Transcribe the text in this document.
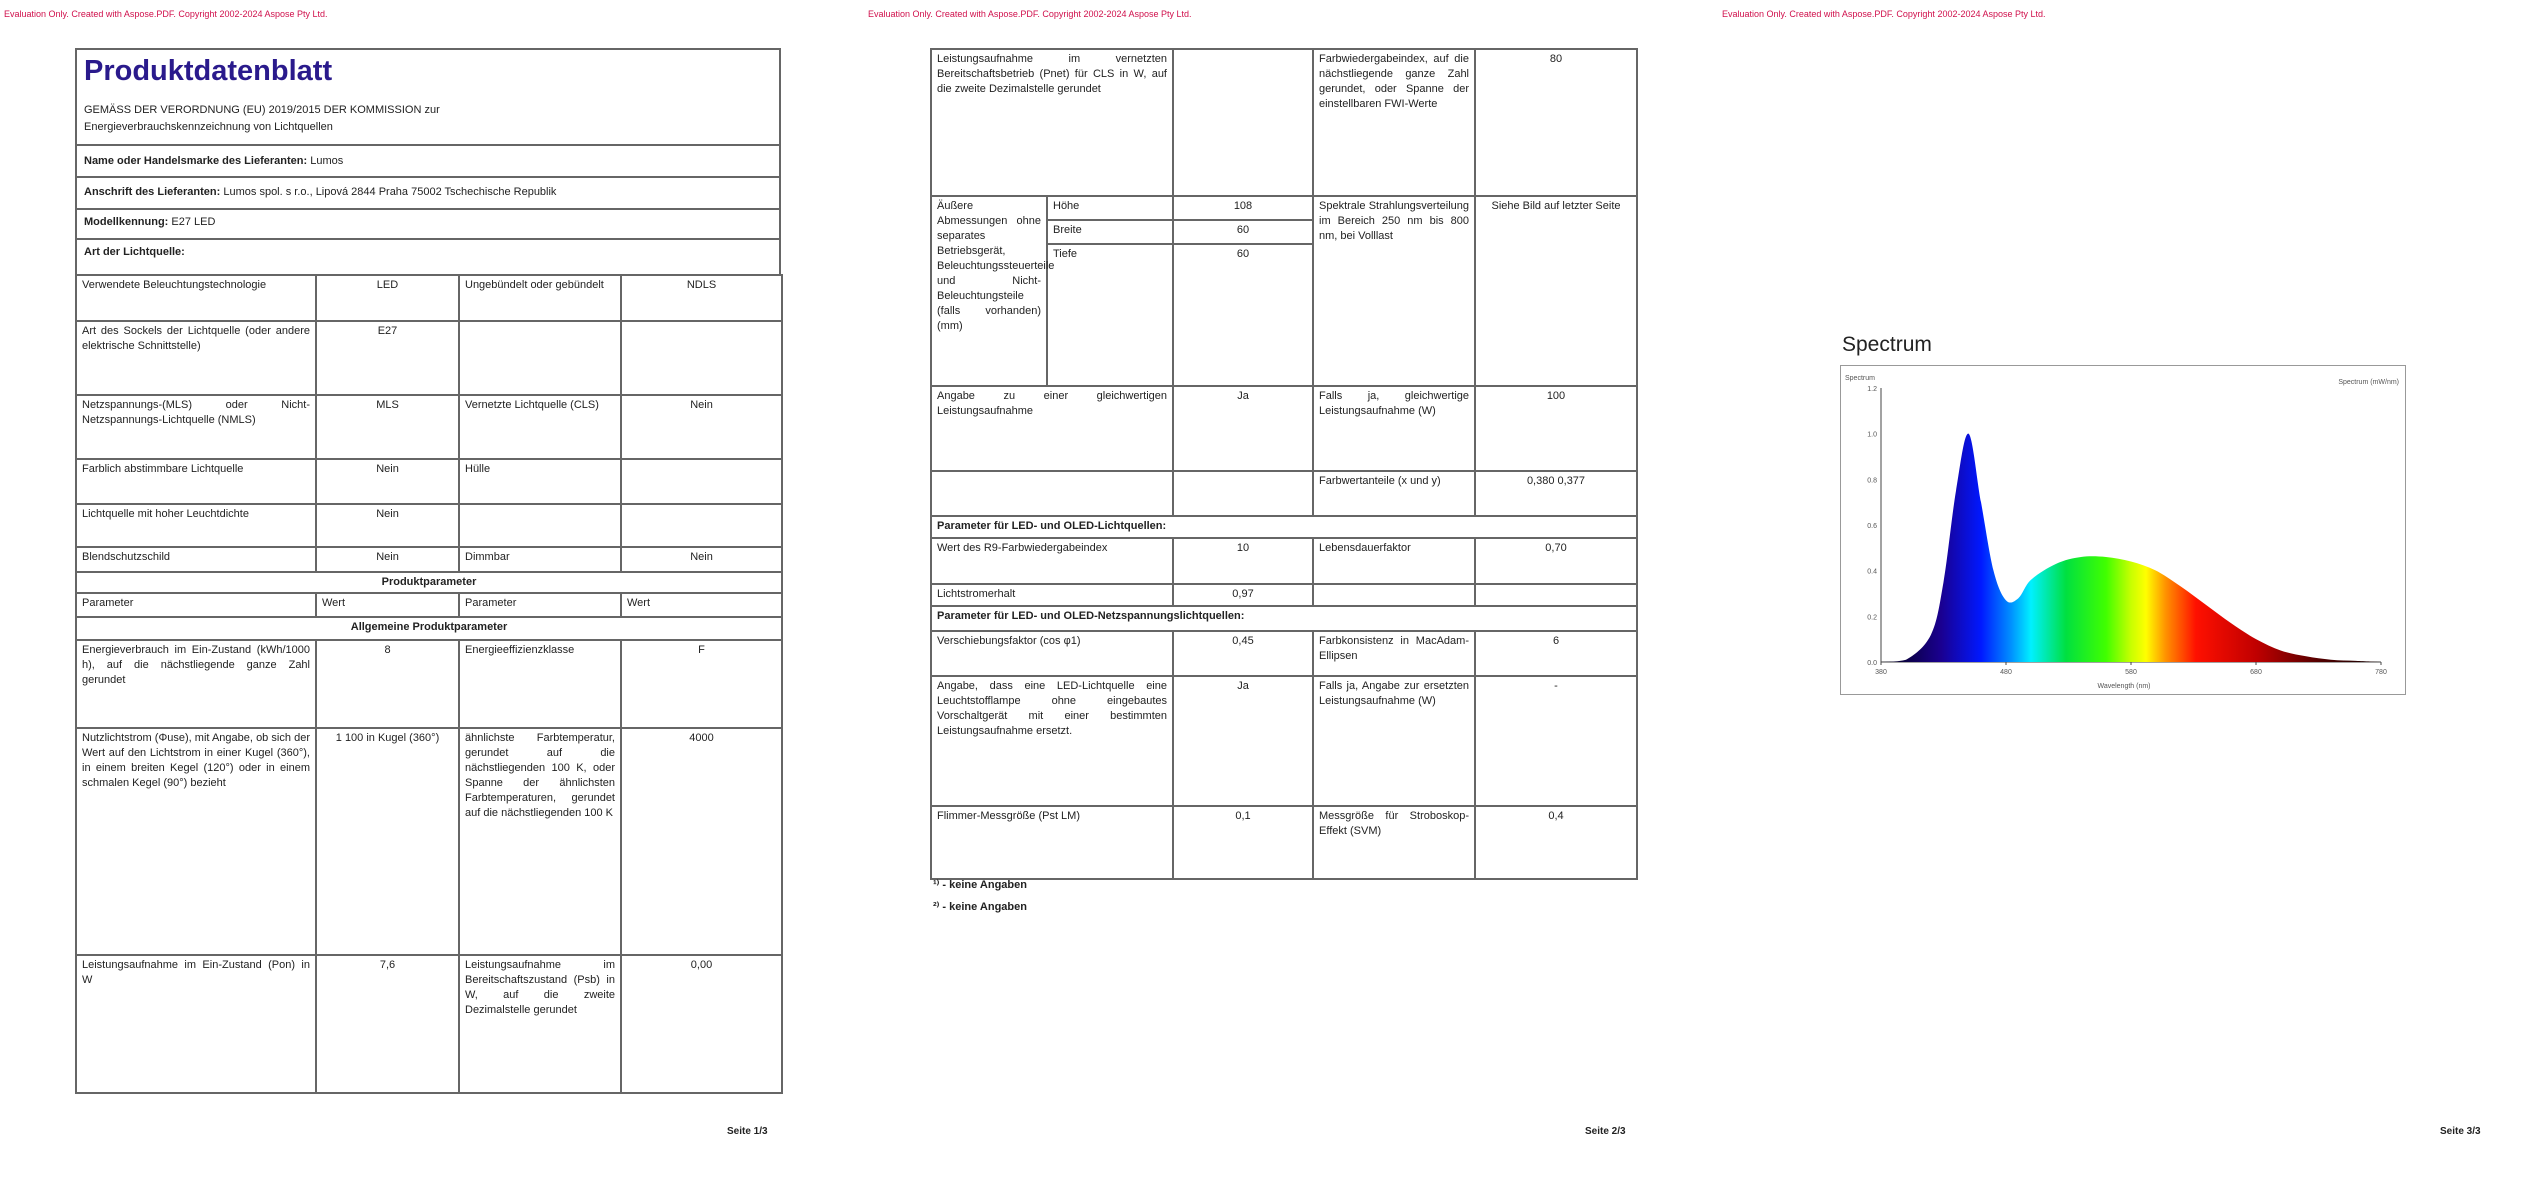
Evaluation Only. Created with Aspose.PDF. Copyright 2002-2024 Aspose Pty Ltd.	Evaluation Only. Created with Aspose.PDF. Copyright 2002-2024 Aspose Pty Ltd.	Evaluation Only. Created with Aspose.PDF. Copyright 2002-2024 Aspose Pty Ltd.
Produktdatenblatt
GEMÄSS DER VERORDNUNG (EU) 2019/2015 DER KOMMISSION zur
Energieverbrauchskennzeichnung von Lichtquellen
Name oder Handelsmarke des Lieferanten: Lumos
Anschrift des Lieferanten: Lumos spol. s r.o., Lipová 2844 Praha 75002 Tschechische Republik
Modellkennung: E27 LED
Art der Lichtquelle:
Verwendete Beleuchtungstechnologie	LED	Ungebündelt oder gebündelt	NDLS
Art des Sockels der Lichtquelle (oder andere elektrische Schnittstelle)	E27		
Netzspannungs-(MLS) oder Nicht-Netzspannungs-Lichtquelle (NMLS)	MLS	Vernetzte Lichtquelle (CLS)	Nein
Farblich abstimmbare Lichtquelle	Nein	Hülle	
Lichtquelle mit hoher Leuchtdichte	Nein		
Blendschutzschild	Nein	Dimmbar	Nein
Produktparameter			
Parameter	Wert	Parameter	Wert
Allgemeine Produktparameter			
Energieverbrauch im Ein-Zustand (kWh/1000 h), auf die nächstliegende ganze Zahl gerundet	8	Energieeffizienzklasse	F
Nutzlichtstrom (Φuse), mit Angabe, ob sich der Wert auf den Lichtstrom in einer Kugel (360°), in einem breiten Kegel (120°) oder in einem schmalen Kegel (90°) bezieht	1 100 in Kugel (360°)	ähnlichste Farbtemperatur, gerundet auf die nächstliegenden 100 K, oder Spanne der ähnlichsten Farbtemperaturen, gerundet auf die nächstliegenden 100 K	4000
Leistungsaufnahme im Ein-Zustand (Pon) in W	7,6	Leistungsaufnahme im Bereitschaftszustand (Psb) in W, auf die zweite Dezimalstelle gerundet	0,00
Seite 1/3
Leistungsaufnahme im vernetzten Bereitschaftsbetrieb (Pnet) für CLS in W, auf die zweite Dezimalstelle gerundet			Farbwiedergabeindex, auf die nächstliegende ganze Zahl gerundet, oder Spanne der einstellbaren FWI-Werte	80
Äußere Abmessungen ohne separates Betriebsgerät, Beleuchtungssteuerteile und Nicht-Beleuchtungsteile (falls vorhanden) (mm)	Höhe	108	Spektrale Strahlungsverteilung im Bereich 250 nm bis 800 nm, bei Volllast	Siehe Bild auf letzter Seite
	Breite	60		
	Tiefe	60		
Angabe zu einer gleichwertigen Leistungsaufnahme		Ja	Falls ja, gleichwertige Leistungsaufnahme (W)	100
			Farbwertanteile (x und y)	0,380 0,377
Parameter für LED- und OLED-Lichtquellen:				
Wert des R9-Farbwiedergabeindex		10	Lebensdauerfaktor	0,70
Lichtstromerhalt		0,97		
Parameter für LED- und OLED-Netzspannungslichtquellen:				
Verschiebungsfaktor (cos φ1)		0,45	Farbkonsistenz in MacAdam-Ellipsen	6
Angabe, dass eine LED-Lichtquelle eine Leuchtstofflampe ohne eingebautes Vorschaltgerät mit einer bestimmten Leistungsaufnahme ersetzt.		Ja	Falls ja, Angabe zur ersetzten Leistungsaufnahme (W)	-
Flimmer-Messgröße (Pst LM)		0,1	Messgröße für Stroboskop-Effekt (SVM)	0,4
¹⁾ - keine Angaben
²⁾ - keine Angaben
Seite 2/3
Spectrum
Spectrum
Spectrum (mW/nm)
Wavelength (nm)
0.0
0.2
0.4
0.6
0.8
1.0
1.2
380	480	580	680	780
Seite 3/3
